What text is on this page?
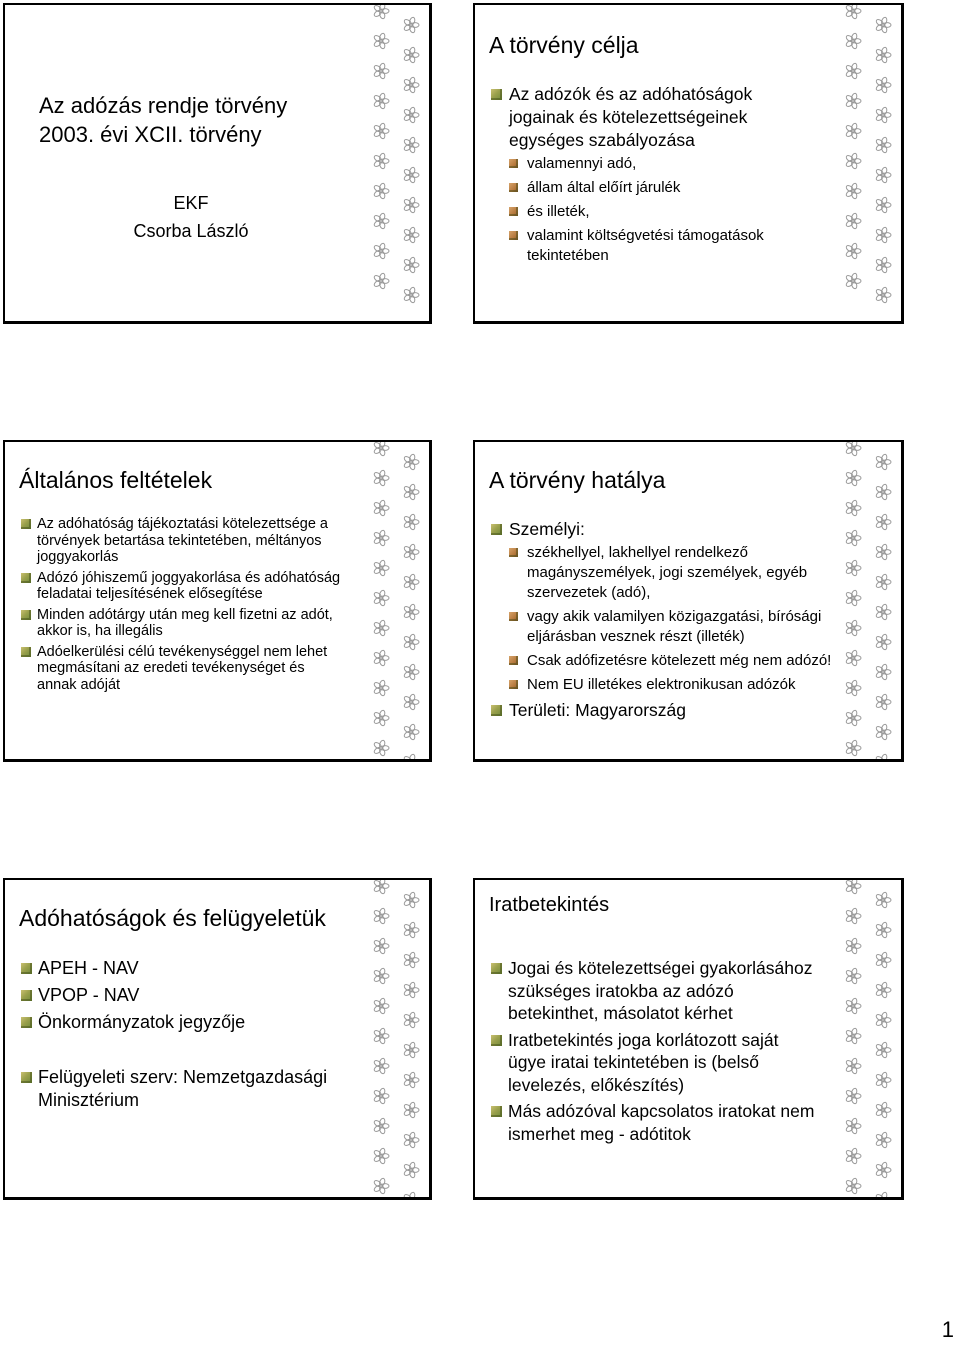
Az adózás rendje törvény
2003. évi XCII. törvény
EKF
Csorba László
A törvény célja
Az adózók és az adóhatóságok jogainak és kötelezettségeinek egységes szabályozása
valamennyi adó,
állam által előírt járulék
és illeték,
valamint költségvetési támogatások tekintetében
Általános feltételek
Az adóhatóság tájékoztatási kötelezettsége a törvények betartása tekintetében, méltányos joggyakorlás
Adózó jóhiszemű joggyakorlása és adóhatóság feladatai teljesítésének elősegítése
Minden adótárgy után meg kell fizetni az adót, akkor is, ha illegális
Adóelkerülési célú tevékenységgel nem lehet megmásítani az eredeti tevékenységet és annak adóját
A törvény hatálya
Személyi:
székhellyel, lakhellyel rendelkező magányszemélyek, jogi személyek, egyéb szervezetek (adó),
vagy akik valamilyen közigazgatási, bírósági eljárásban vesznek részt (illeték)
Csak adófizetésre kötelezett még nem adózó!
Nem EU illetékes elektronikusan adózók
Területi: Magyarország
Adóhatóságok és felügyeletük
APEH - NAV
VPOP - NAV
Önkormányzatok jegyzője
Felügyeleti szerv: Nemzetgazdasági Minisztérium
Iratbetekintés
Jogai és kötelezettségei gyakorlásához szükséges iratokba az adózó betekinthet, másolatot kérhet
Iratbetekintés joga korlátozott saját ügye iratai tekintetében is (belső levelezés, előkészítés)
Más adózóval kapcsolatos iratokat nem ismerhet meg - adótitok
1
